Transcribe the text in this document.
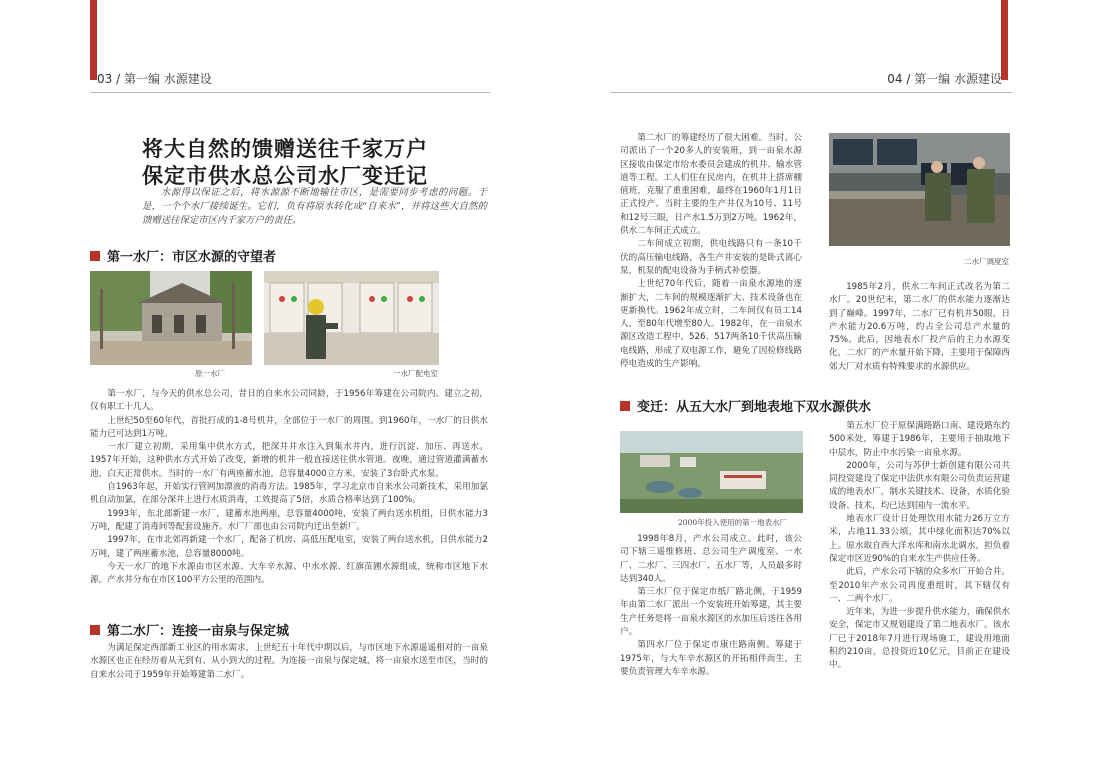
03 / 第一编 水源建设	04 / 第一编 水源建设
将大自然的馈赠送往千家万户
保定市供水总公司水厂变迁记
水源得以保证之后，将水源源不断地输往市区，是需要同步考虑的问题。于是，一个个水厂接续诞生。它们，负有将原水转化成“自来水”，并将这些大自然的馈赠送往保定市区内千家万户的责任。
第一水厂：市区水源的守望者
原一水厂	一水厂配电室

第一水厂，与今天的供水总公司，昔日的自来水公司同龄，于1956年筹建在公司院内。建立之初，仅有职工十几人。

上世纪50至60年代，首批打成的1-8号机井，全部位于一水厂的周围。到1960年，一水厂的日供水能力已可达到1万吨。

一水厂建立初期，采用集中供水方式，把深井井水注入到集水井内，进行沉淀、加压、再送水。1957年开始，这种供水方式开始了改变，新增的机井一般直接送往供水管道。夜晚，通过管道灌满蓄水池，白天正常供水。当时的一水厂有两座蓄水池，总容量4000立方米，安装了3台卧式水泵。

自1963年起，开始实行管网加漂液的消毒方法。1985年，学习北京市自来水公司新技术，采用加氯机自动加氯，在部分深井上进行水质消毒，工效提高了5倍，水质合格率达到了100%。

1993年，东北部新建一水厂，建蓄水池两座，总容量4000吨，安装了两台送水机组，日供水能力3万吨，配建了消毒间等配套设施齐。水厂厂部也由公司院内迁出至新厂。

1997年，在市北郊再新建一个水厂，配备了机房、高低压配电室，安装了两台送水机，日供水能力2万吨，建了两座蓄水池，总容量8000吨。

今天一水厂的地下水源由市区水源、大车辛水源、中水水源、红旗苗圃水源组成，统称市区地下水源。产水井分布在市区100平方公里的范围内。

第二水厂：连接一亩泉与保定城

为满足保定西部新工业区的用水需求，上世纪五十年代中期以后，与市区地下水源遥遥相对的一亩泉水源区也正在经历着从无到有、从小到大的过程。为连接一亩泉与保定城，将一亩泉水送至市区，当时的自来水公司于1959年开始筹建第二水厂。

第二水厂的筹建经历了很大困难。当时，公司派出了一个20多人的安装班，到一亩泉水源区接收由保定市给水委员会建成的机井、输水管道等工程。工人们住在民房内，在机井上搭席棚值班，克服了重重困难，最终在1960年1月1日正式投产。当时主要的生产井仅为10号、11号和12号三眼，日产水1.5万到2万吨。1962年，供水二车间正式成立。

二车间成立初期，供电线路只有一条10千伏的高压输电线路，各生产井安装的是卧式离心泵，机泵的配电设备为手柄式补偿器。

上世纪70年代后，随着一亩泉水源地的逐渐扩大，二车间的规模逐渐扩大、技术设备也在更新换代。1962年成立时，二车间仅有员工14人，至80年代增至80人。1982年，在一亩泉水源区改造工程中，526、517两条10千伏高压输电线路，形成了双电源工作，避免了因检修线路停电造成的生产影响。

二水厂调度室

1985年2月，供水二车间正式改名为第二水厂。20世纪末，第二水厂的供水能力逐渐达到了巅峰。1997年，二水厂已有机井50眼，日产水能力20.6万吨，约占全公司总产水量的75%。此后，因地表水厂投产后的主力水源变化，二水厂的产水量开始下降，主要用于保障西郊大厂对水质有特殊要求的水源供应。

变迁：从五大水厂到地表地下双水源供水
2000年投入使用的第一地表水厂

1998年8月，产水公司成立。此时，该公司下辖三遥维修班、总公司生产调度室、一水厂、二水厂、三四水厂、五水厂等，人员最多时达到340人。

第三水厂位于保定市纸厂路北侧，于1959年由第二水厂派出一个安装班开始筹建，其主要生产任务是将一亩泉水源区的水加压后送往各用户。

第四水厂位于保定市康庄路南侧。筹建于1975年，与大车辛水源区的开拓相伴而生，主要负责管理大车辛水源。

第五水厂位于原保满路路口南、建设路东约500米处，筹建于1986年，主要用于抽取地下中层水，防止中水污染一亩泉水源。

2000年，公司与苏伊士新创建有限公司共同投资建设了保定中法供水有限公司负责运营建成的地表水厂，制水关键技术、设备，水质化验设备、技术，均已达到国内一流水平。

地表水厂设计日处理饮用水能力26万立方米，占地11.33公顷，其中绿化面积达70%以上。原水取自西大洋水库和南水北调水，担负着保定市区近90%的自来水生产供应任务。

此后，产水公司下辖的众多水厂开始合并。至2010年产水公司再度重组时，其下辖仅有一、二两个水厂。

近年来，为进一步提升供水能力，确保供水安全，保定市又规划建设了第二地表水厂。该水厂已于2018年7月进行现场施工，建设用地面积约210亩，总投资近10亿元，目前正在建设中。
